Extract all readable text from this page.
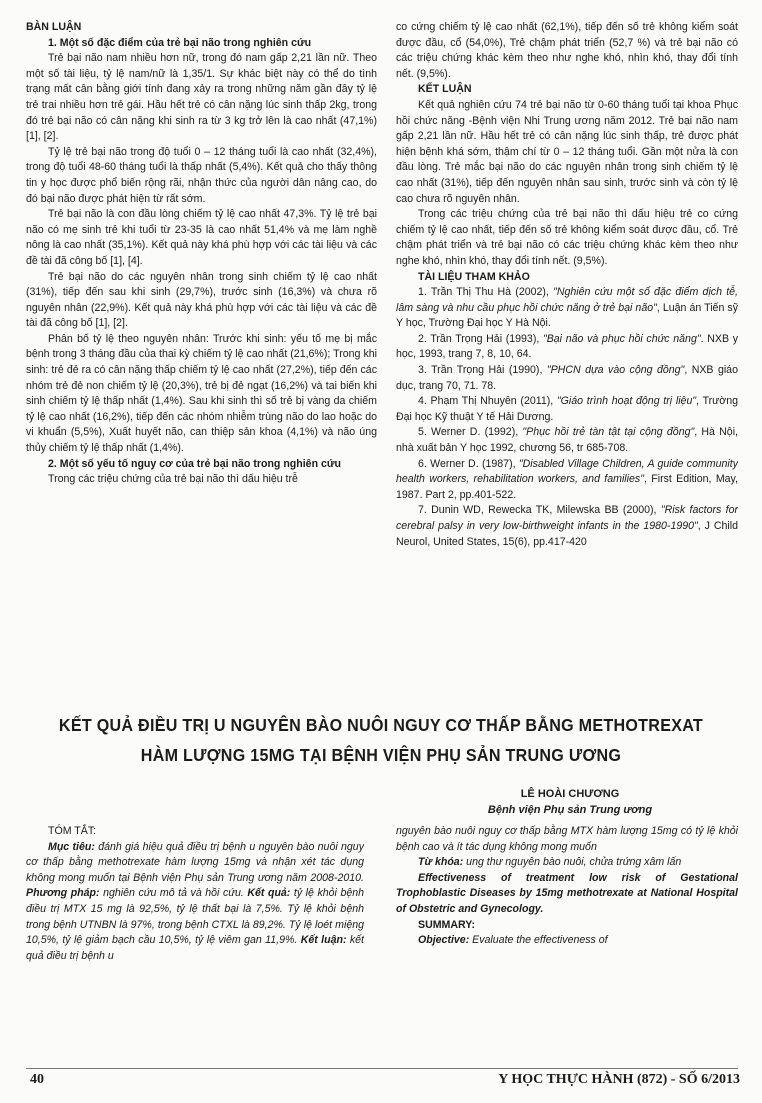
BÀN LUẬN

1. Một số đặc điểm của trẻ bại não trong nghiên cứu

Trẻ bại não nam nhiều hơn nữ, trong đó nam gấp 2,21 lần nữ. Theo một số tài liệu, tỷ lệ nam/nữ là 1,35/1. Sự khác biệt này có thể do tình trạng mất cân bằng giới tính đang xảy ra trong những năm gần đây tỷ lệ trẻ trai nhiều hơn trẻ gái. Hầu hết trẻ có cân nặng lúc sinh thấp 2kg, trong đó trẻ bại não có cân nặng khi sinh ra từ 3 kg trở lên là cao nhất (47,1%) [1], [2].

Tỷ lệ trẻ bại não trong độ tuổi 0 – 12 tháng tuổi là cao nhất (32,4%), trong độ tuổi 48-60 tháng tuổi là thấp nhất (5,4%). Kết quả cho thấy thông tin y học được phổ biến rộng rãi, nhận thức của người dân nâng cao, do đó bại não được phát hiện từ rất sớm.

Trẻ bại não là con đầu lòng chiếm tỷ lệ cao nhất 47,3%. Tỷ lệ trẻ bại não có mẹ sinh trẻ khi tuổi từ 23-35 là cao nhất 51,4% và mẹ làm nghề nông là cao nhất (35,1%). Kết quả này khá phù hợp với các tài liệu và các đề tài đã công bố [1], [4].

Trẻ bại não do các nguyên nhân trong sinh chiếm tỷ lệ cao nhất (31%), tiếp đến sau khi sinh (29,7%), trước sinh (16,3%) và chưa rõ nguyên nhân (22,9%). Kết quả này khá phù hợp với các tài liệu và các đề tài đã công bố [1], [2].

Phân bố tỷ lệ theo nguyên nhân: Trước khi sinh: yếu tố mẹ bị mắc bệnh trong 3 tháng đầu của thai kỳ chiếm tỷ lệ cao nhất (21,6%); Trong khi sinh: trẻ đẻ ra có cân nặng thấp chiếm tỷ lệ cao nhất (27,2%), tiếp đến các nhóm trẻ đẻ non chiếm tỷ lệ (20,3%), trẻ bị đẻ ngạt (16,2%) và tai biến khi sinh chiếm tỷ lệ thấp nhất (1,4%). Sau khi sinh thì số trẻ bị vàng da chiếm tỷ lệ cao nhất (16,2%), tiếp đến các nhóm nhiễm trùng não do lao hoặc do vi khuẩn (5,5%), Xuất huyết não, can thiệp sản khoa (4,1%) và não úng thủy chiếm tỷ lệ thấp nhất (1,4%).

2. Một số yếu tố nguy cơ của trẻ bại não trong nghiên cứu

Trong các triệu chứng của trẻ bại não thì dấu hiệu trễ

co cứng chiếm tỷ lệ cao nhất (62,1%), tiếp đến số trẻ không kiểm soát được đầu, cổ (54,0%), Trẻ chậm phát triển (52,7 %) và trẻ bại não có các triệu chứng khác kèm theo như nghe khó, nhìn khó, thay đổi tính nết. (9,5%).

KẾT LUẬN

Kết quả nghiên cứu 74 trẻ bại não từ 0-60 tháng tuổi tại khoa Phục hồi chức năng -Bệnh viện Nhi Trung ương năm 2012. Trẻ bại não nam gấp 2,21 lần nữ. Hầu hết trẻ có cân nặng lúc sinh thấp, trẻ được phát hiện bệnh khá sớm, thậm chí từ 0 – 12 tháng tuổi. Gần một nửa là con đầu lòng. Trẻ mắc bại não do các nguyên nhân trong sinh chiếm tỷ lệ cao nhất (31%), tiếp đến nguyên nhân sau sinh, trước sinh và còn tỷ lệ cao chưa rõ nguyên nhân.

Trong các triệu chứng của trẻ bại não thì dấu hiệu trẻ co cứng chiếm tỷ lệ cao nhất, tiếp đến số trẻ không kiểm soát được đầu, cổ. Trẻ chậm phát triển và trẻ bại não có các triệu chứng khác kèm theo như nghe khó, nhìn khó, thay đổi tính nết. (9,5%).

TÀI LIỆU THAM KHẢO

1. Trần Thị Thu Hà (2002), "Nghiên cứu một số đặc điểm dịch tễ, lâm sàng và nhu cầu phục hồi chức năng ở trẻ bại não", Luận án Tiến sỹ Y học, Trường Đại học Y Hà Nội.

2. Trần Trọng Hải (1993), "Bại não và phục hồi chức năng". NXB y học, 1993, trang 7, 8, 10, 64.

3. Trần Trọng Hải (1990), "PHCN dựa vào cộng đồng", NXB giáo dục, trang 70, 71. 78.

4. Phạm Thị Nhuyên (2011), "Giáo trình hoạt động trị liệu", Trường Đại học Kỹ thuật Y tế Hải Dương.

5. Werner D. (1992), "Phục hồi trẻ tàn tật tại cộng đồng", Hà Nội, nhà xuất bản Y học 1992, chương 56, tr 685-708.

6. Werner D. (1987), "Disabled Village Children, A guide community health workers, rehabilitation workers, and families", First Edition, May, 1987. Part 2, pp.401-522.

7. Dunin WD, Rewecka TK, Milewska BB (2000), "Risk factors for cerebral palsy in very low-birthweight infants in the 1980-1990", J Child Neurol, United States, 15(6), pp.417-420

KẾT QUẢ ĐIỀU TRỊ U NGUYÊN BÀO NUÔI NGUY CƠ THẤP BẰNG METHOTREXAT
HÀM LƯỢNG 15MG TẠI BỆNH VIỆN PHỤ SẢN TRUNG ƯƠNG
LÊ HOÀI CHƯƠNG
Bệnh viện Phụ sản Trung ương

TÓM TẮT:

Mục tiêu: đánh giá hiệu quả điều trị bệnh u nguyên bào nuôi nguy cơ thấp bằng methotrexate hàm lượng 15mg và nhận xét tác dụng không mong muốn tại Bệnh viện Phụ sản Trung ương năm 2008-2010. Phương pháp: nghiên cứu mô tả và hồi cứu. Kết quả: tỷ lệ khỏi bệnh điều trị MTX 15 mg là 92,5%, tỷ lệ thất bại là 7,5%. Tỷ lệ khỏi bệnh trong bệnh UTNBN là 97%, trong bệnh CTXL là 89,2%. Tỷ lệ loét miệng 10,5%, tỷ lệ giảm bạch cầu 10,5%, tỷ lệ viêm gan 11,9%. Kết luận: kết quả điều trị bệnh u

nguyên bào nuôi nguy cơ thấp bằng MTX hàm lượng 15mg có tỷ lệ khỏi bệnh cao và ít tác dụng không mong muốn

Từ khóa: ung thư nguyên bào nuôi, chửa trứng xâm lấn

Effectiveness of treatment low risk of Gestational Trophoblastic Diseases by 15mg methotrexate at National Hospital of Obstetric and Gynecology.

SUMMARY:

Objective: Evaluate the effectiveness of

40	Y HỌC THỰC HÀNH (872) - SỐ 6/2013
